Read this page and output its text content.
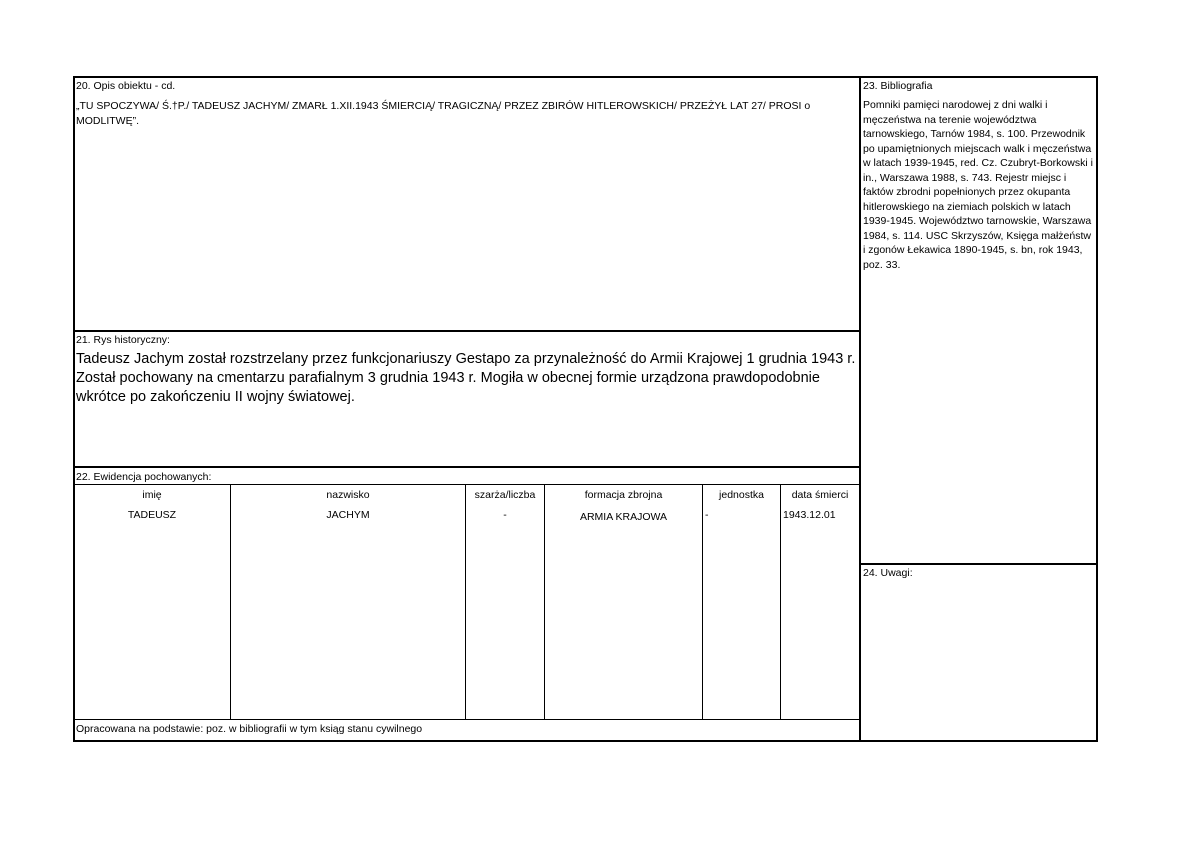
20. Opis obiektu - cd.
„TU SPOCZYWA/ Ś.†P./ TADEUSZ JACHYM/ ZMARŁ 1.XII.1943 ŚMIERCIĄ/ TRAGICZNĄ/ PRZEZ ZBIRÓW HITLEROWSKICH/ PRZEŻYŁ LAT 27/ PROSI o MODLITWĘ”.
21. Rys historyczny:
Tadeusz Jachym został rozstrzelany przez funkcjonariuszy Gestapo za przynależność do Armii Krajowej 1 grudnia 1943 r. Został pochowany na cmentarzu parafialnym 3 grudnia 1943 r. Mogiła w obecnej formie urządzona prawdopodobnie wkrótce po zakończeniu II wojny światowej.
22. Ewidencja pochowanych:
imię	nazwisko	szarża/liczba	formacja zbrojna	jednostka	data śmierci
TADEUSZ	JACHYM	-	ARMIA KRAJOWA	-	1943.12.01
Opracowana na podstawie: poz. w bibliografii w tym ksiąg stanu cywilnego
23. Bibliografia
Pomniki pamięci narodowej z dni walki i męczeństwa na terenie województwa tarnowskiego, Tarnów 1984, s. 100. Przewodnik po upamiętnionych miejscach walk i męczeństwa w latach 1939-1945, red. Cz. Czubryt-Borkowski i in., Warszawa 1988, s. 743. Rejestr miejsc i faktów zbrodni popełnionych przez okupanta hitlerowskiego na ziemiach polskich w latach 1939-1945. Województwo tarnowskie, Warszawa 1984, s. 114. USC Skrzyszów, Księga małżeństw i zgonów Łekawica 1890-1945, s. bn, rok 1943, poz. 33.
24. Uwagi:
